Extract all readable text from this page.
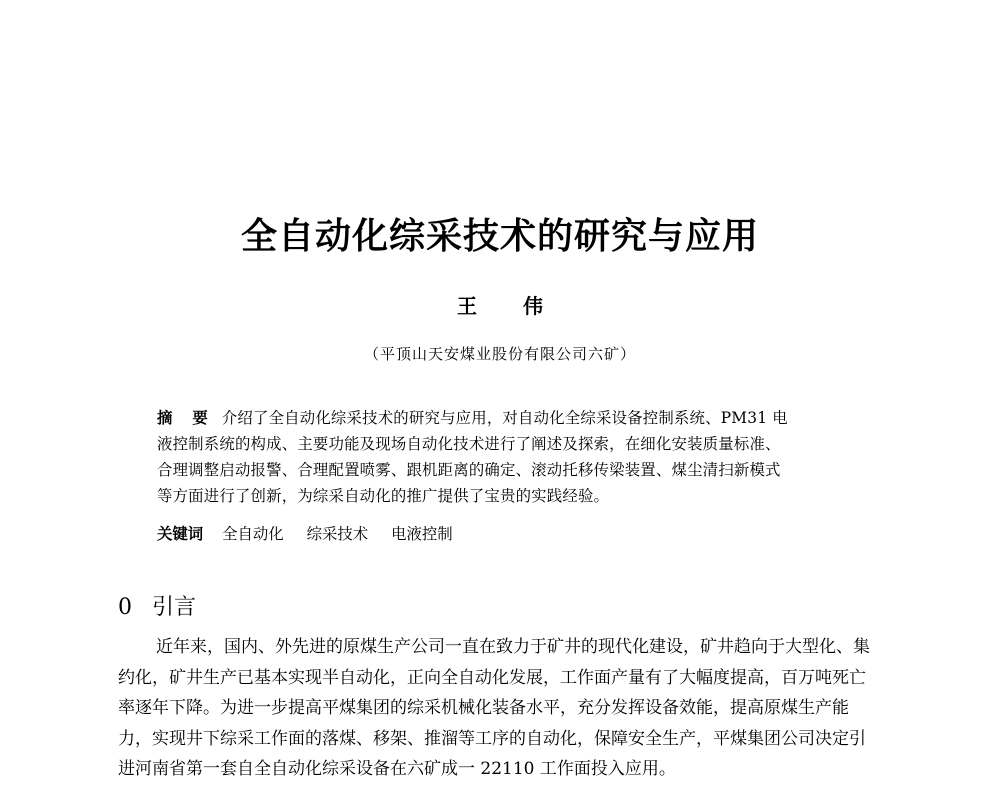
全自动化综采技术的研究与应用
王伟
（平顶山天安煤业股份有限公司六矿）
摘要介绍了全自动化综采技术的研究与应用，对自动化全综采设备控制系统、PM31 电
液控制系统的构成、主要功能及现场自动化技术进行了阐述及探索，在细化安装质量标准、
合理调整启动报警、合理配置喷雾、跟机距离的确定、滚动托移传梁装置、煤尘清扫新模式
等方面进行了创新，为综采自动化的推广提供了宝贵的实践经验。
关键词 全自动化 综采技术 电液控制
0 引言
近年来，国内、外先进的原煤生产公司一直在致力于矿井的现代化建设，矿井趋向于大型化、集
约化，矿井生产已基本实现半自动化，正向全自动化发展，工作面产量有了大幅度提高，百万吨死亡
率逐年下降。为进一步提高平煤集团的综采机械化装备水平，充分发挥设备效能，提高原煤生产能
力，实现井下综采工作面的落煤、移架、推溜等工序的自动化，保障安全生产，平煤集团公司决定引
进河南省第一套自全自动化综采设备在六矿成一 22110 工作面投入应用。
